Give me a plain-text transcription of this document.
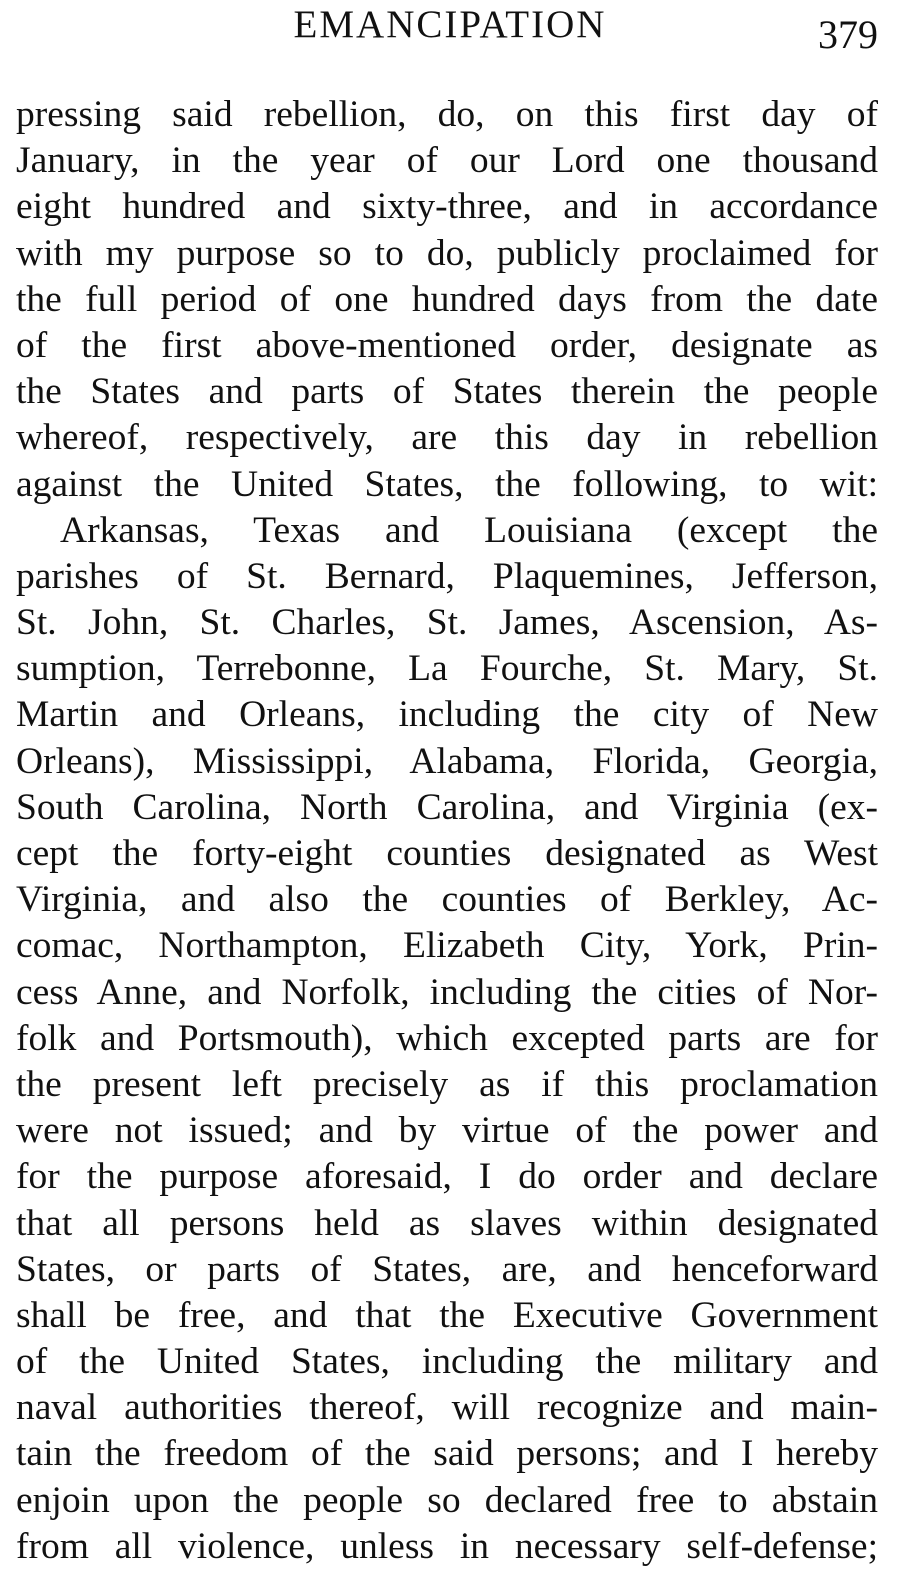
EMANCIPATION	379
pressing said rebellion, do, on this first day of
January, in the year of our Lord one thousand
eight hundred and sixty-three, and in accordance
with my purpose so to do, publicly proclaimed for
the full period of one hundred days from the date
of the first above-mentioned order, designate as
the States and parts of States therein the people
whereof, respectively, are this day in rebellion
against the United States, the following, to wit:
Arkansas, Texas and Louisiana (except the
parishes of St. Bernard, Plaquemines, Jefferson,
St. John, St. Charles, St. James, Ascension, As-
sumption, Terrebonne, La Fourche, St. Mary, St.
Martin and Orleans, including the city of New
Orleans), Mississippi, Alabama, Florida, Georgia,
South Carolina, North Carolina, and Virginia (ex-
cept the forty-eight counties designated as West
Virginia, and also the counties of Berkley, Ac-
comac, Northampton, Elizabeth City, York, Prin-
cess Anne, and Norfolk, including the cities of Nor-
folk and Portsmouth), which excepted parts are for
the present left precisely as if this proclamation
were not issued; and by virtue of the power and
for the purpose aforesaid, I do order and declare
that all persons held as slaves within designated
States, or parts of States, are, and henceforward
shall be free, and that the Executive Government
of the United States, including the military and
naval authorities thereof, will recognize and main-
tain the freedom of the said persons; and I hereby
enjoin upon the people so declared free to abstain
from all violence, unless in necessary self-defense;
